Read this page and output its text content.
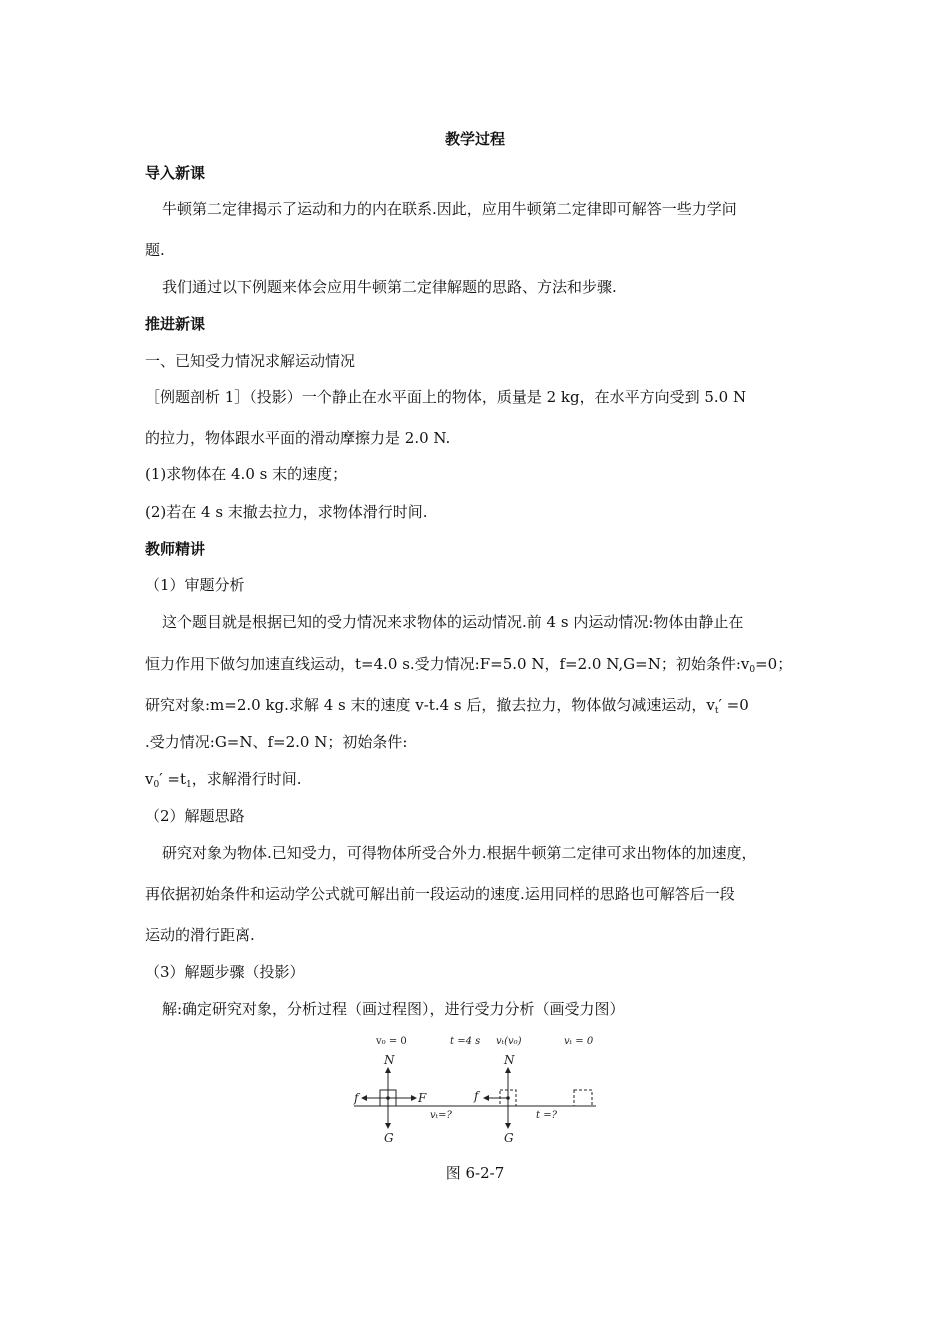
教学过程
导入新课
牛顿第二定律揭示了运动和力的内在联系.因此，应用牛顿第二定律即可解答一些力学问
题.
我们通过以下例题来体会应用牛顿第二定律解题的思路、方法和步骤.
推进新课
一、已知受力情况求解运动情况
［例题剖析 1］（投影）一个静止在水平面上的物体，质量是 2 kg，在水平方向受到 5.0 N
的拉力，物体跟水平面的滑动摩擦力是 2.0 N.
(1)求物体在 4.0 s 末的速度；
(2)若在 4 s 末撤去拉力，求物体滑行时间.
教师精讲
（1）审题分析
这个题目就是根据已知的受力情况来求物体的运动情况.前 4 s 内运动情况:物体由静止在
恒力作用下做匀加速直线运动，t=4.0 s.受力情况:F=5.0 N，f=2.0 N,G=N；初始条件$:v_0=0$；
研究对象:m=2.0 kg.求解 4 s 末的速度 v-t.4 s 后，撤去拉力，物体做匀减速运动，$v_t' =0$
.受力情况:G=N、f=2.0 N；初始条件:
$v_0' =t_1$，求解滑行时间.
（2）解题思路
研究对象为物体.已知受力，可得物体所受合外力.根据牛顿第二定律可求出物体的加速度，
再依据初始条件和运动学公式就可解出前一段运动的速度.运用同样的思路也可解答后一段
运动的滑行距离.
（3）解题步骤（投影）
解:确定研究对象，分析过程（画过程图），进行受力分析（画受力图）
v₀ = 0	t =4 s vₜ(v₀)	vₜ = 0
N	N
f	F	f
vₜ=?	t =?
G	G
图 6-2-7
